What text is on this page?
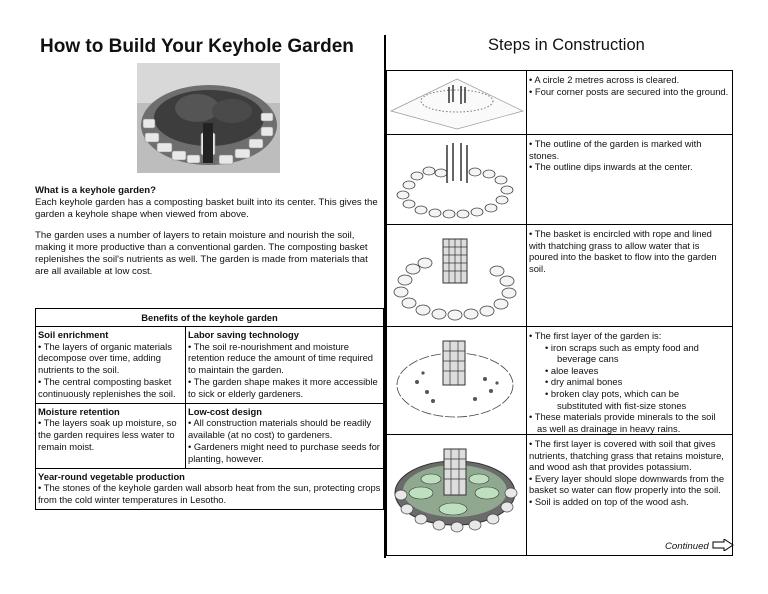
How to Build Your Keyhole Garden
What is a keyhole garden?
Each keyhole garden has a composting basket built into its center. This gives the garden a keyhole shape when viewed from above.
The garden uses a number of layers to retain moisture and nourish the soil, making it more productive than a conventional garden. The composting basket replenishes the soil's nutrients as well. The garden is made from materials that are all available at low cost.
Benefits of the keyhole garden
Soil enrichment
• The layers of organic materials decompose over time, adding nutrients to the soil.
• The central composting basket continuously replenishes the soil.
Labor saving technology
• The soil re-nourishment and moisture retention reduce the amount of time required to maintain the garden.
• The garden shape makes it more accessible to sick or elderly gardeners.
Moisture retention
• The layers soak up moisture, so the garden requires less water to remain moist.
Low-cost design
• All construction materials should be readily available (at no cost) to gardeners.
• Gardeners might need to purchase seeds for planting, however.
Year-round vegetable production
• The stones of the keyhole garden wall absorb heat from the sun, protecting crops from the cold winter temperatures in Lesotho.
Steps in Construction
• A circle 2 metres across is cleared.
• Four corner posts are secured into the ground.
• The outline of the garden is marked with stones.
• The outline dips inwards at the center.
• The basket is encircled with rope and lined with thatching grass to allow water that is poured into the basket to flow into the garden soil.
• The first layer of the garden is:
• iron scraps such as empty food and
beverage cans
• aloe leaves
• dry animal bones
• broken clay pots, which can be
substituted with fist-size stones
• These materials provide minerals to the soil
as well as drainage in heavy rains.
• The first layer is covered with soil that gives nutrients, thatching grass that retains moisture, and wood ash that provides potassium.
• Every layer should slope downwards from the basket so water can flow properly into the soil.
• Soil is added on top of the wood ash.
Continued
